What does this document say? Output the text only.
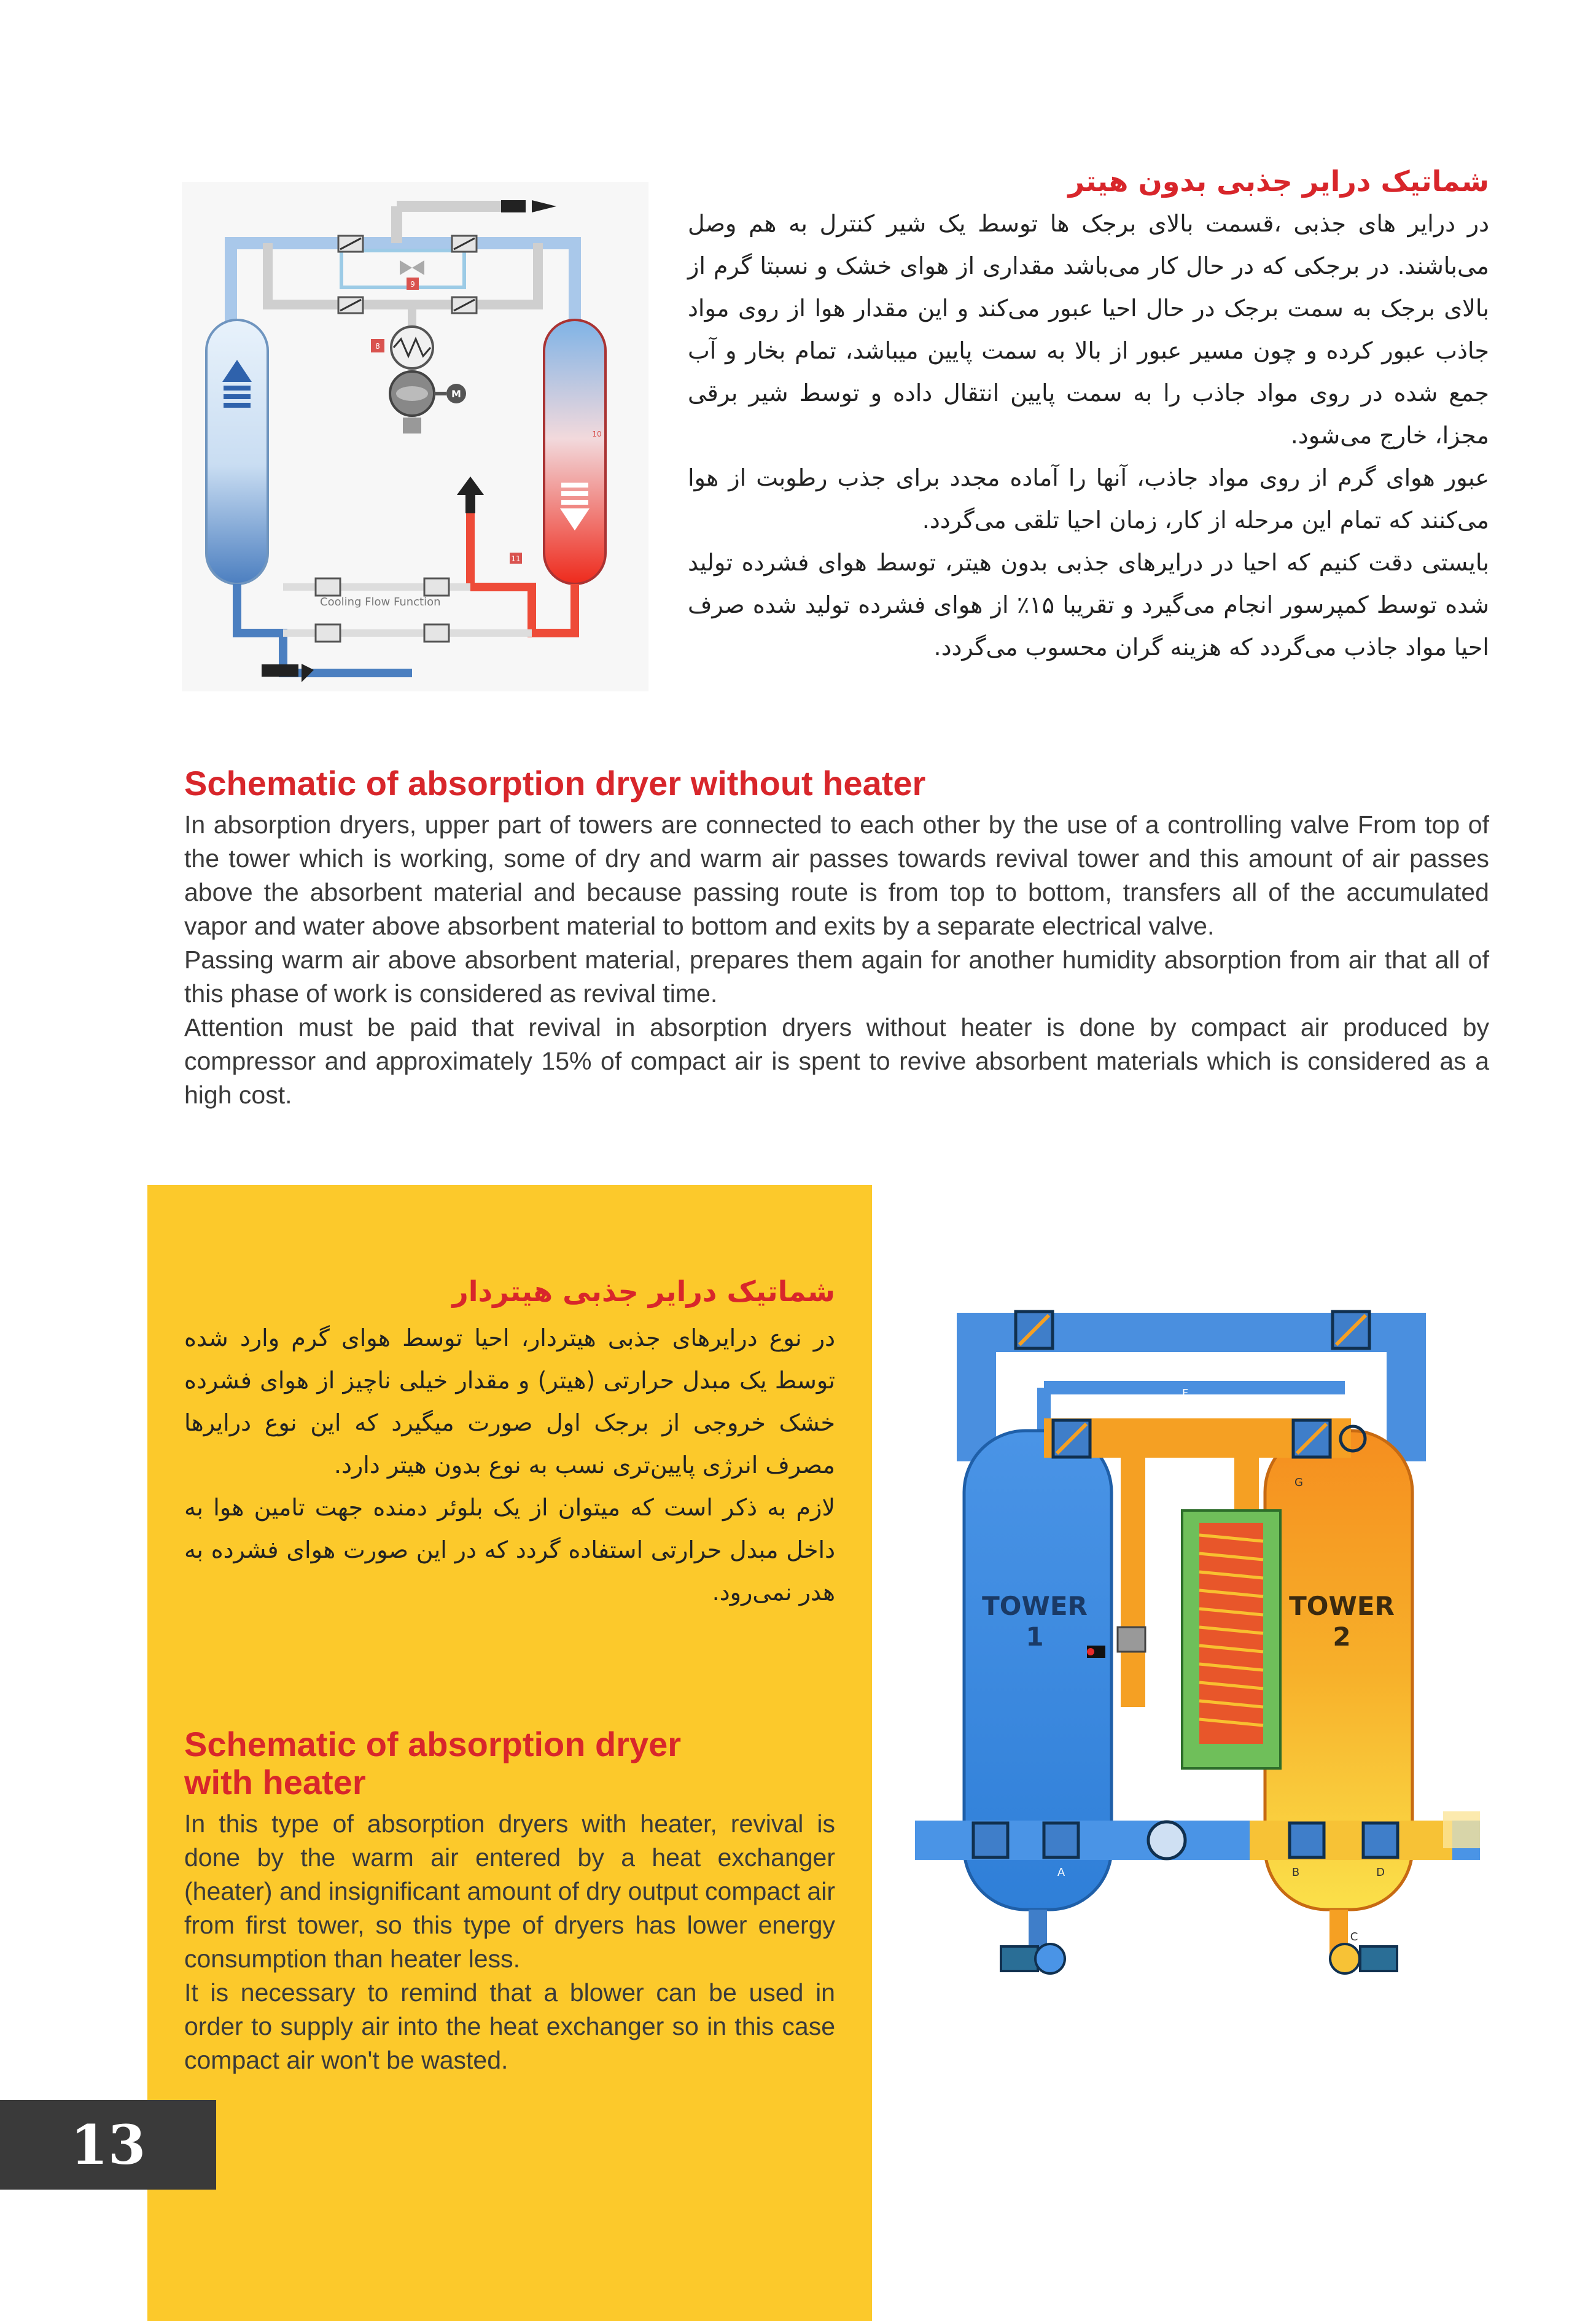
9
8
M
10
11
Cooling Flow Function
شماتیک درایر جذبی بدون هیتر

در درایر های جذبی ،قسمت بالای برجک ها توسط یک شیر کنترل به هم وصل می‌باشند. در برجکی که در حال کار می‌باشد مقداری از هوای خشک و نسبتا گرم از بالای برجک به سمت برجک در حال احیا عبور می‌کند و این مقدار هوا از روی مواد جاذب عبور کرده و چون مسیر عبور از بالا به سمت پایین میباشد، تمام بخار و آب جمع شده در روی مواد جاذب را به سمت پایین انتقال داده و توسط شیر برقی مجزا، خارج می‌شود.

عبور هوای گرم از روی مواد جاذب، آنها را آماده مجدد برای جذب رطوبت از هوا می‌کنند که تمام این مرحله از کار، زمان احیا تلقی می‌گردد.

بایستی دقت کنیم که احیا در درایرهای جذبی بدون هیتر، توسط هوای فشرده تولید شده توسط کمپرسور انجام می‌گیرد و تقریبا ۱۵٪ از هوای فشرده تولید شده صرف احیا مواد جاذب می‌گردد که هزینه گران محسوب می‌گردد.

Schematic of absorption dryer without heater

In absorption dryers, upper part of towers are connected to each other by the use of a controlling valve From top of the tower which is working, some of dry and warm air passes towards revival tower and this amount of air passes above the absorbent material and because passing route is from top to bottom, transfers all of the accumulated vapor and water above absorbent material to bottom and exits by a separate electrical valve.

Passing warm air above absorbent material, prepares them again for another humidity absorption from air that all of this phase of work is considered as revival time.

Attention must be paid that revival in absorption dryers without heater is done by compact air produced by compressor and approximately 15% of compact air is spent to revive absorbent materials which is considered as a high cost.

شماتیک درایر جذبی هیتردار

در نوع درایرهای جذبی هیتردار، احیا توسط هوای گرم وارد شده توسط یک مبدل حرارتی (هیتر) و مقدار خیلی ناچیز از هوای فشرده خشک خروجی از برجک اول صورت میگیرد که این نوع درایرها مصرف انرژی پایین‌تری نسب به نوع بدون هیتر دارد.

لازم به ذکر است که میتوان از یک بلوئر دمنده جهت تامین هوا به داخل مبدل حرارتی استفاده گردد که در این صورت هوای فشرده به هدر نمی‌رود.

Schematic of absorption dryer
with heater

In this type of absorption dryers with heater, revival is done by the warm air entered by a heat exchanger (heater) and insignificant amount of dry output compact air from first tower, so this type of dryers has lower energy consumption than heater less.

It is necessary to remind that a blower can be used in order to supply air into the heat exchanger so in this case compact air won't be wasted.

TOWER
1
TOWER
2
A	B
C
D
E
F
G
13
